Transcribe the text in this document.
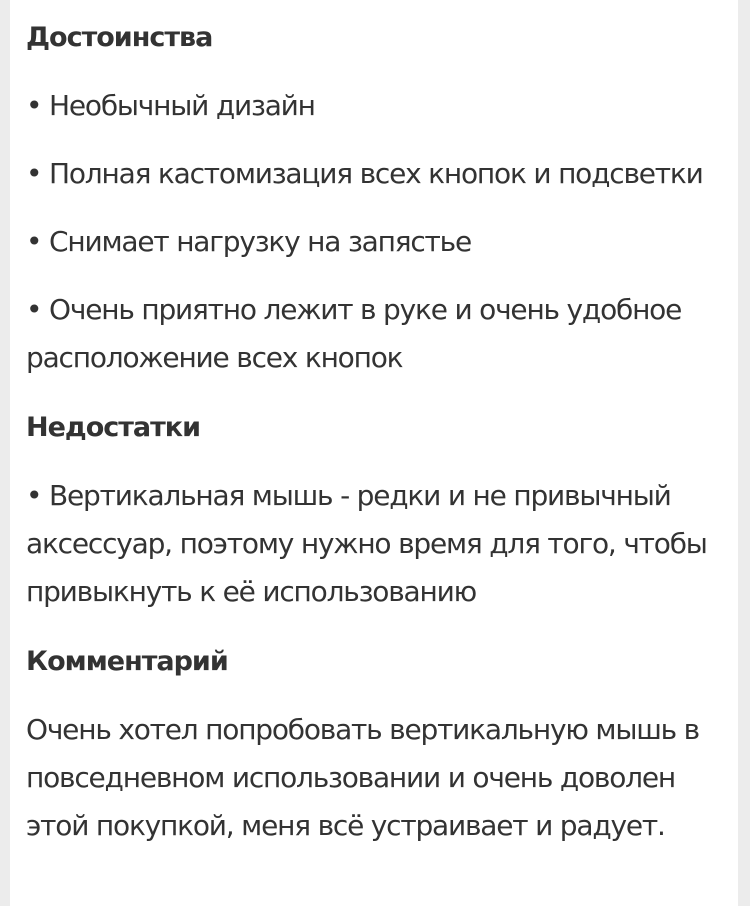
Достоинства

• Необычный дизайн

• Полная кастомизация всех кнопок и подсветки

• Снимает нагрузку на запястье

• Очень приятно лежит в руке и очень удобное расположение всех кнопок

Недостатки

• Вертикальная мышь - редки и не привычный аксессуар, поэтому нужно время для того, чтобы привыкнуть к её использованию

Комментарий

Очень хотел попробовать вертикальную мышь в повседневном использовании и очень доволен этой покупкой, меня всё устраивает и радует.
